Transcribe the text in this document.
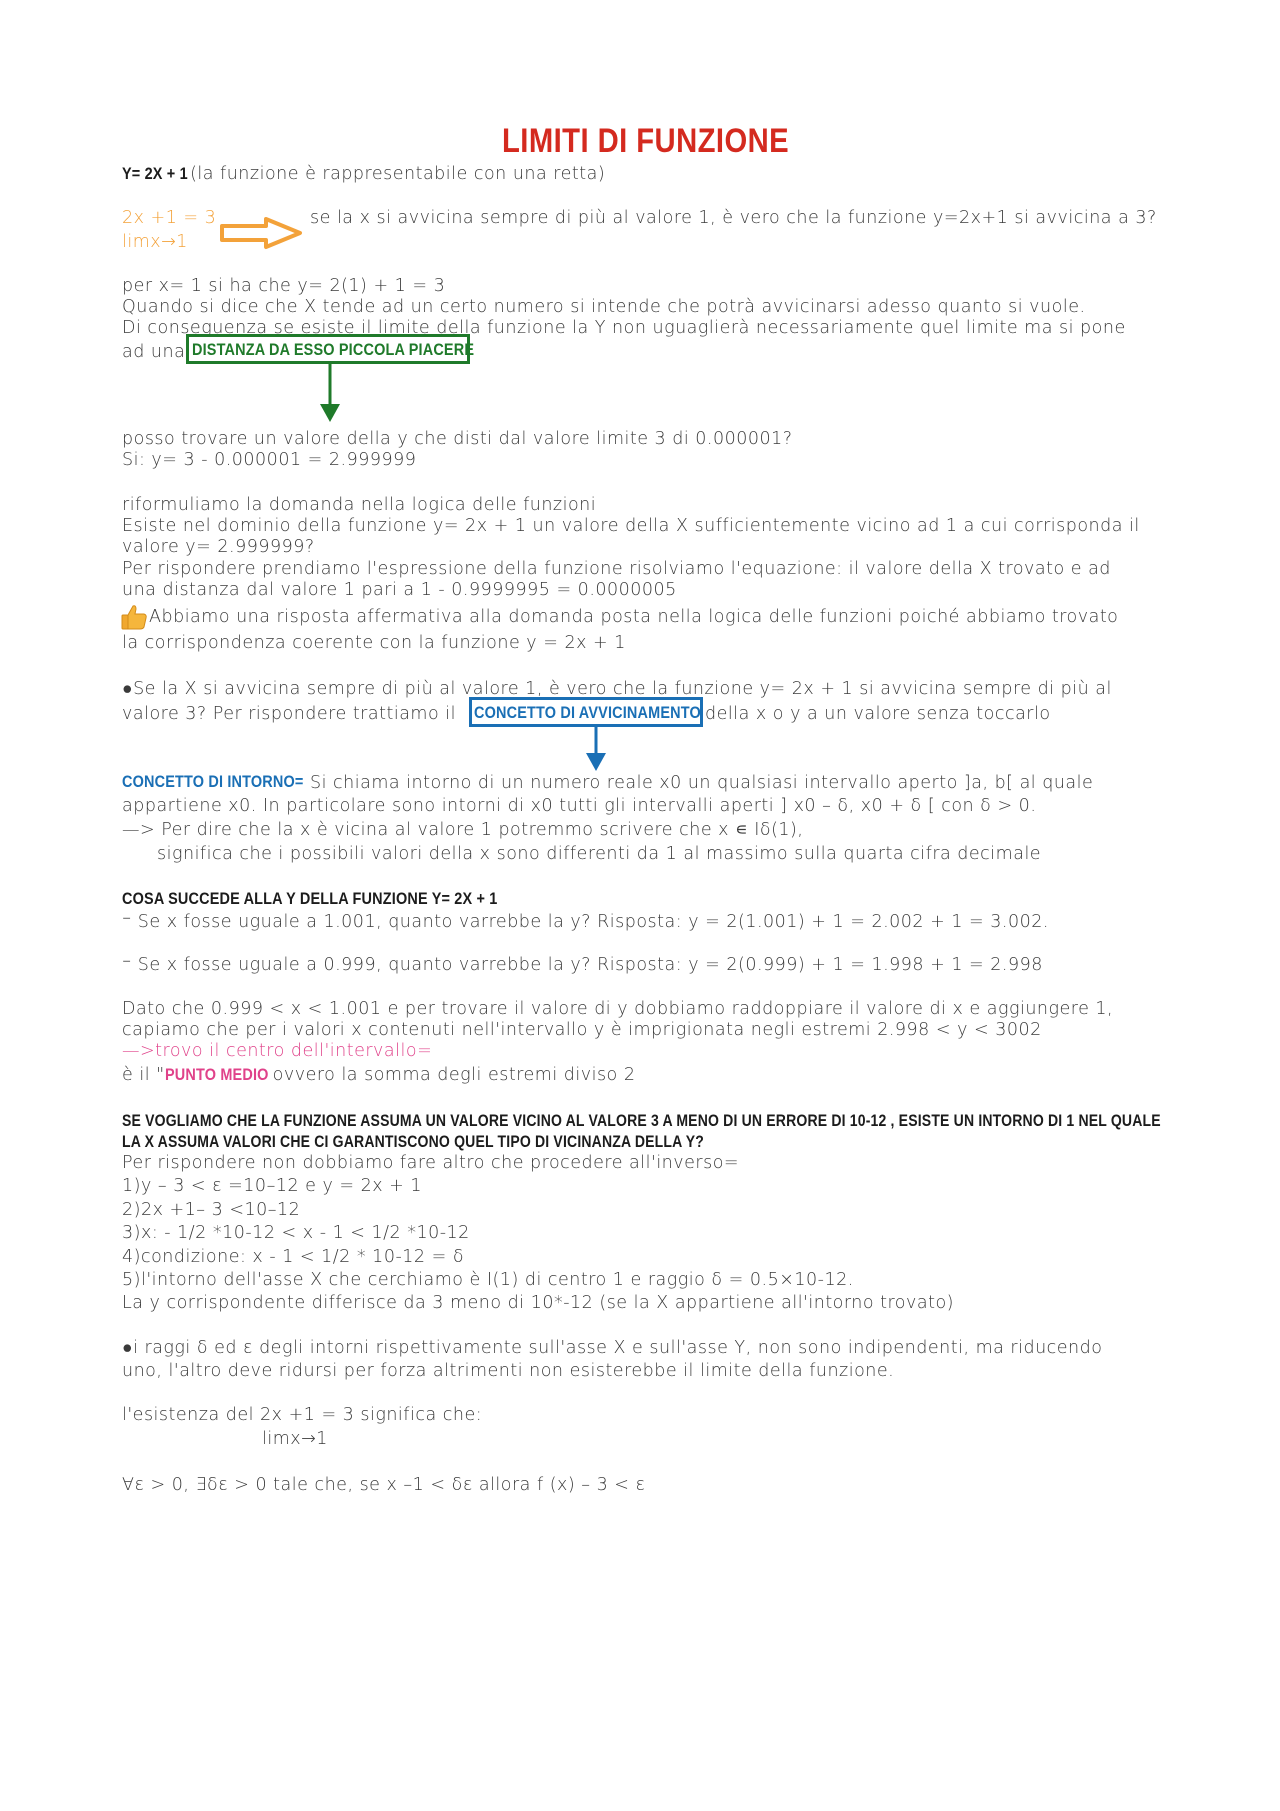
LIMITI DI FUNZIONE
Y= 2X + 1 (la funzione è rappresentabile con una retta)
2x +1 = 3
limx→1
se la x si avvicina sempre di più al valore 1, è vero che la funzione y=2x+1 si avvicina a 3?
per x= 1 si ha che y= 2(1) + 1 = 3
Quando si dice che X tende ad un certo numero si intende che potrà avvicinarsi adesso quanto si vuole.
Di conseguenza se esiste il limite della funzione la Y non uguaglierà necessariamente quel limite ma si pone
ad una DISTANZA DA ESSO PICCOLA PIACERE
posso trovare un valore della y che disti dal valore limite 3 di 0.000001?
Si: y= 3 - 0.000001 = 2.999999
riformuliamo la domanda nella logica delle funzioni
Esiste nel dominio della funzione y= 2x + 1 un valore della X sufficientemente vicino ad 1 a cui corrisponda il
valore y= 2.999999?
Per rispondere prendiamo l'espressione della funzione risolviamo l'equazione: il valore della X trovato e ad
una distanza dal valore 1 pari a 1 - 0.9999995 = 0.0000005
Abbiamo una risposta affermativa alla domanda posta nella logica delle funzioni poiché abbiamo trovato
la corrispondenza coerente con la funzione y = 2x + 1
●Se la X si avvicina sempre di più al valore 1, è vero che la funzione y= 2x + 1 si avvicina sempre di più al
valore 3? Per rispondere trattiamo il CONCETTO DI AVVICINAMENTO della x o y a un valore senza toccarlo
CONCETTO DI INTORNO= Si chiama intorno di un numero reale x0 un qualsiasi intervallo aperto ]a, b[ al quale
appartiene x0. In particolare sono intorni di x0 tutti gli intervalli aperti ] x0 – δ, x0 + δ [ con δ > 0.
—> Per dire che la x è vicina al valore 1 potremmo scrivere che x ∊ Iδ(1),
significa che i possibili valori della x sono differenti da 1 al massimo sulla quarta cifra decimale
COSA SUCCEDE ALLA Y DELLA FUNZIONE Y= 2X + 1
⁻ Se x fosse uguale a 1.001, quanto varrebbe la y? Risposta: y = 2(1.001) + 1 = 2.002 + 1 = 3.002.
⁻ Se x fosse uguale a 0.999, quanto varrebbe la y? Risposta: y = 2(0.999) + 1 = 1.998 + 1 = 2.998
Dato che 0.999 < x < 1.001 e per trovare il valore di y dobbiamo raddoppiare il valore di x e aggiungere 1,
capiamo che per i valori x contenuti nell'intervallo y è imprigionata negli estremi 2.998 < y < 3002
—>trovo il centro dell'intervallo=
è il "PUNTO MEDIO ovvero la somma degli estremi diviso 2
SE VOGLIAMO CHE LA FUNZIONE ASSUMA UN VALORE VICINO AL VALORE 3 A MENO DI UN ERRORE DI 10-12 , ESISTE UN INTORNO DI 1 NEL QUALE
LA X ASSUMA VALORI CHE CI GARANTISCONO QUEL TIPO DI VICINANZA DELLA Y?
Per rispondere non dobbiamo fare altro che procedere all'inverso=
1)y – 3 < ε =10–12 e y = 2x + 1
2)2x +1– 3 <10–12
3)x: - 1/2 *10-12 < x - 1 < 1/2 *10-12
4)condizione: x - 1 < 1/2 * 10-12 = δ
5)l'intorno dell'asse X che cerchiamo è I(1) di centro 1 e raggio δ = 0.5×10-12.
La y corrispondente differisce da 3 meno di 10*-12 (se la X appartiene all'intorno trovato)
●i raggi δ ed ε degli intorni rispettivamente sull'asse X e sull'asse Y, non sono indipendenti, ma riducendo
uno, l'altro deve ridursi per forza altrimenti non esisterebbe il limite della funzione.
l'esistenza del 2x +1 = 3 significa che:
limx→1
∀ε > 0, ∃δε > 0 tale che, se x –1 < δε allora f (x) – 3 < ε
